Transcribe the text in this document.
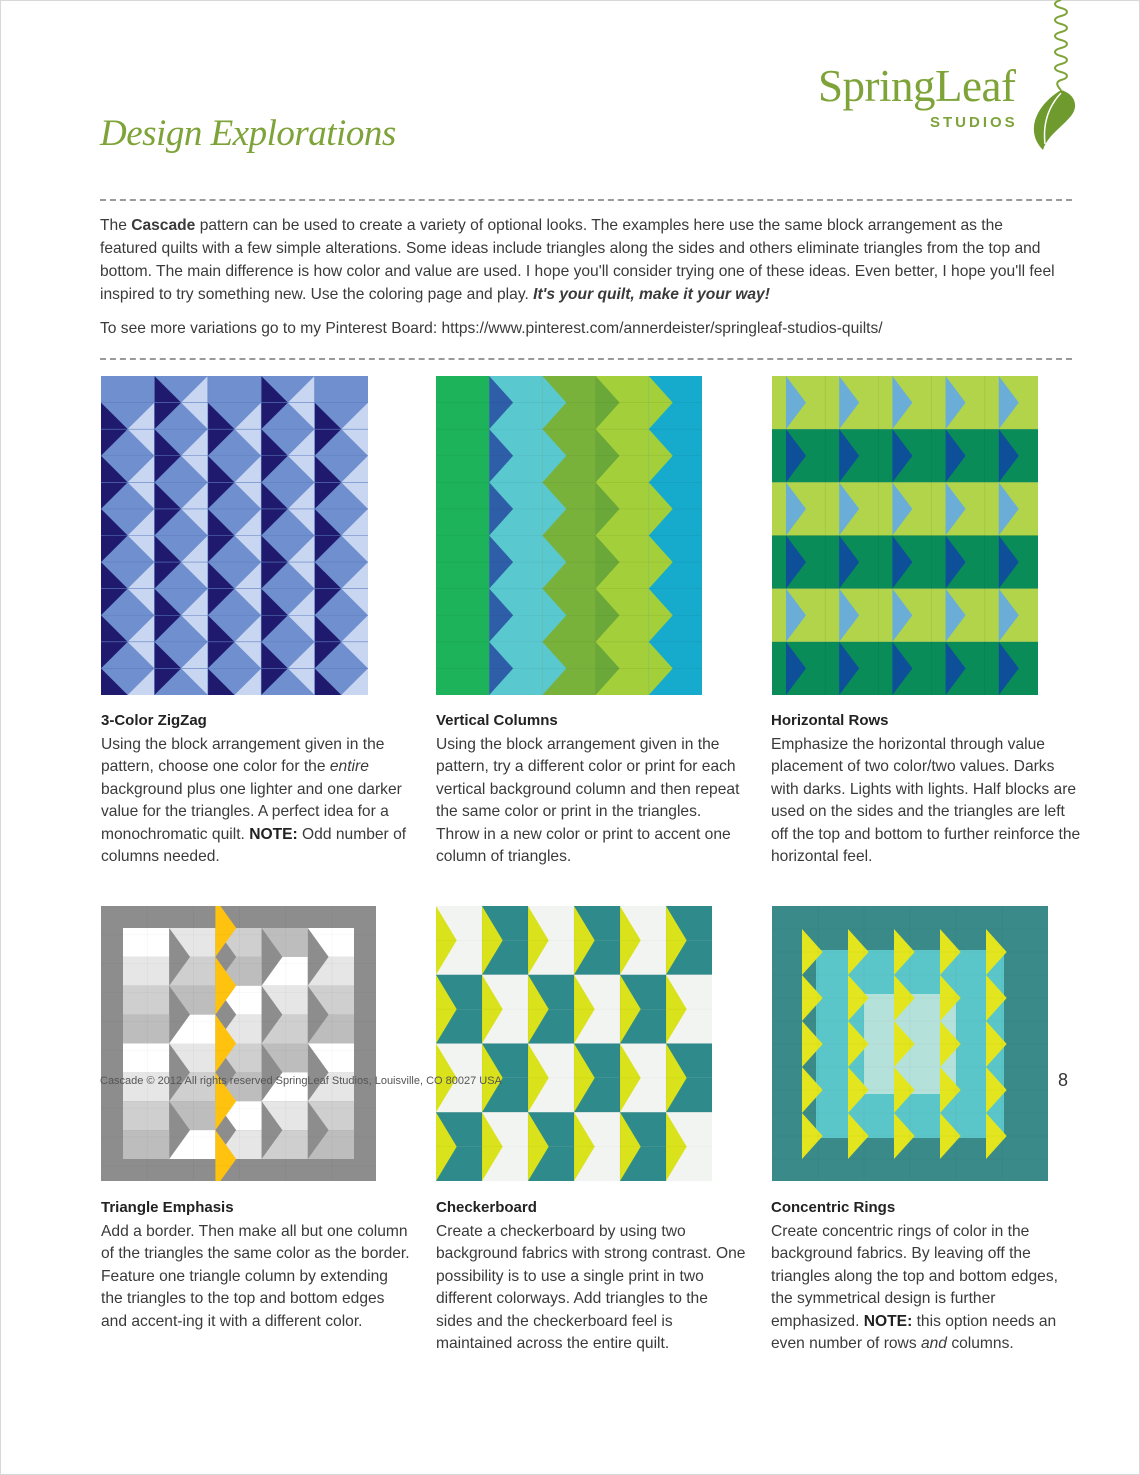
SpringLeaf
STUDIOS
Design Explorations

The Cascade pattern can be used to create a variety of optional looks. The examples here use the same block arrangement as the featured quilts with a few simple alterations. Some ideas include triangles along the sides and others eliminate triangles from the top and bottom. The main difference is how color and value are used. I hope you'll consider trying one of these ideas. Even better, I hope you'll feel inspired to try something new. Use the coloring page and play. It's your quilt, make it your way!

To see more variations go to my Pinterest Board: https://www.pinterest.com/annerdeister/springleaf-studios-quilts/
3-Color ZigZag
Using the block arrangement given in the pattern, choose one color for the entire background plus one lighter and one darker value for the triangles. A perfect idea for a monochromatic quilt. NOTE: Odd number of columns needed.
Vertical Columns
Using the block arrangement given in the pattern, try a different color or print for each vertical background column and then repeat the same color or print in the triangles. Throw in a new color or print to accent one column of triangles.
Horizontal Rows
Emphasize the horizontal through value placement of two color/two values. Darks with darks. Lights with lights. Half blocks are used on the sides and the triangles are left off the top and bottom to further reinforce the horizontal feel.
Triangle Emphasis
Add a border. Then make all but one column of the triangles the same color as the border. Feature one triangle column by extending the triangles to the top and bottom edges and accent-ing it with a different color.
Checkerboard
Create a checkerboard by using two background fabrics with strong contrast. One possibility is to use a single print in two different colorways. Add triangles to the sides and the checkerboard feel is maintained across the entire quilt.
Concentric Rings
Create concentric rings of color in the background fabrics. By leaving off the triangles along the top and bottom edges, the symmetrical design is further emphasized. NOTE: this option needs an even number of rows and columns.
Cascade © 2012 All rights reserved SpringLeaf Studios, Louisville, CO 80027 USA	8
